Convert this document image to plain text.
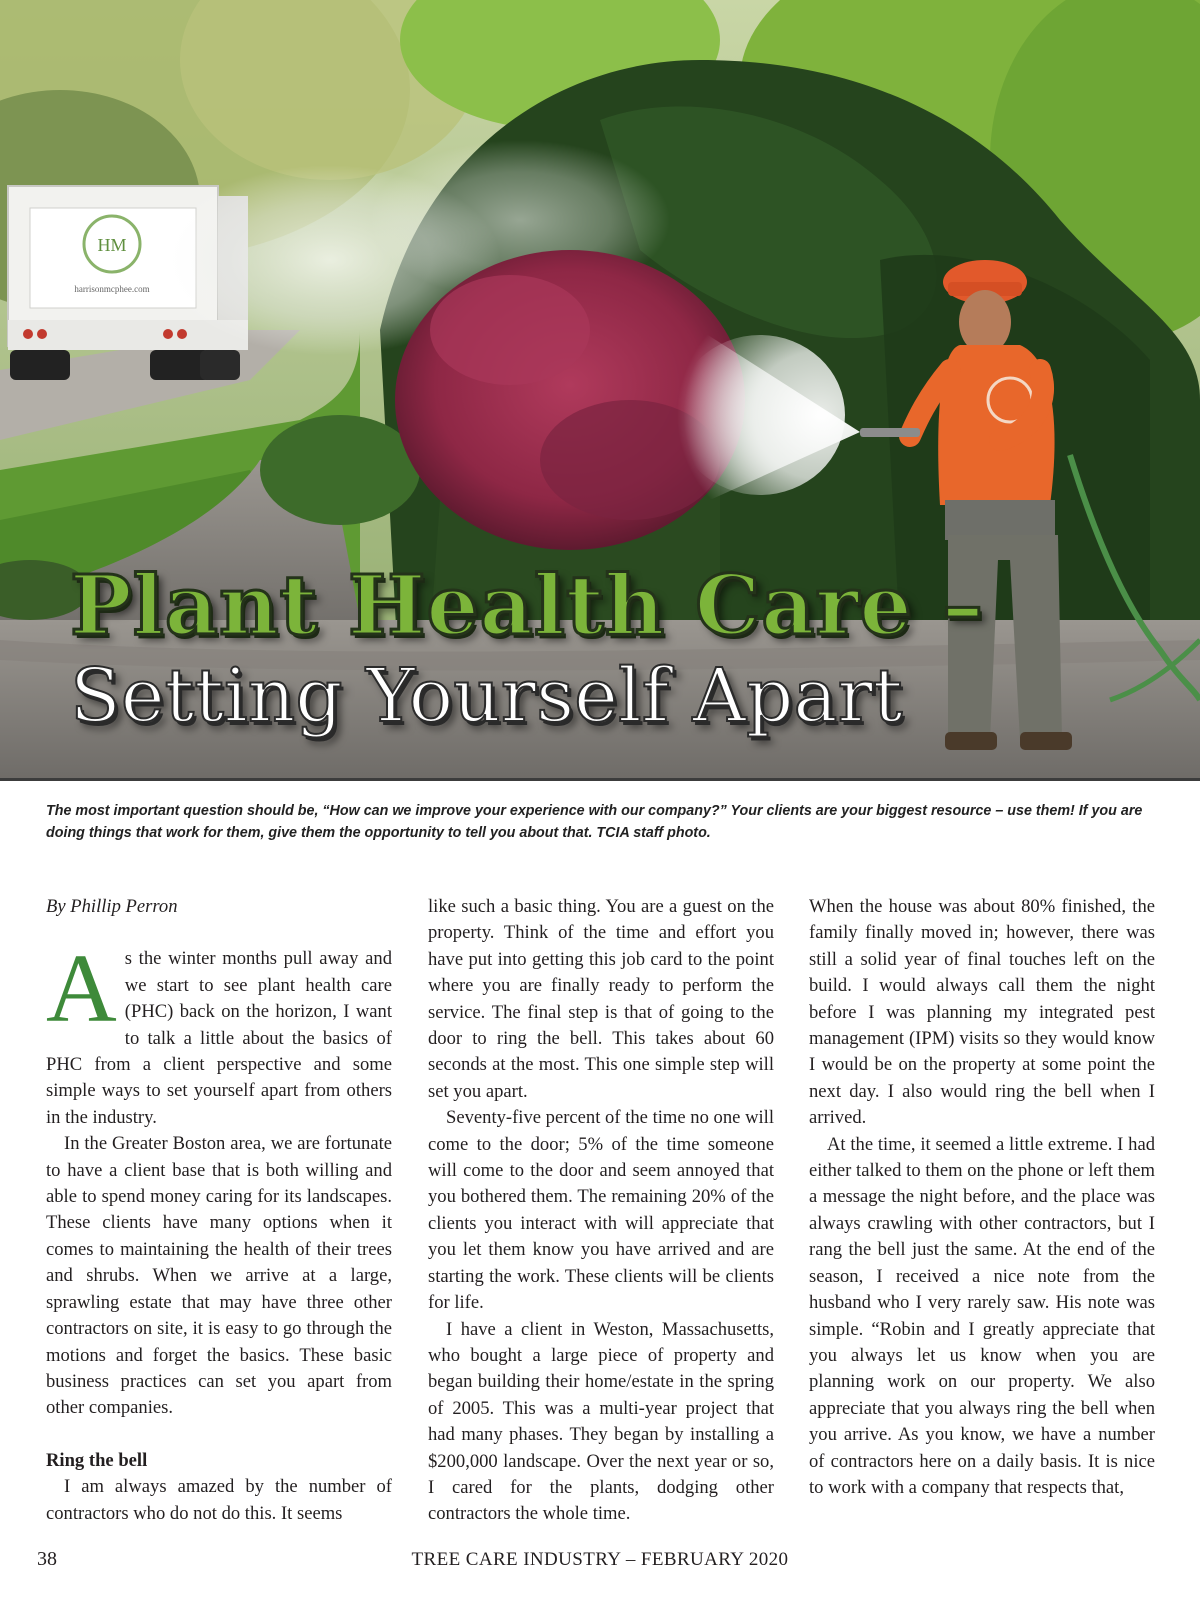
HM
harrisonmcphee.com
Plant Health Care –
Setting Yourself Apart
The most important question should be, “How can we improve your experience with our company?” Your clients are your biggest resource – use them! If you are doing things that work for them, give them the opportunity to tell you about that. TCIA staff photo.

By Phillip Perron

As the winter months pull away and we start to see plant health care (PHC) back on the horizon, I want to talk a little about the basics of PHC from a client perspective and some simple ways to set yourself apart from others in the industry.

In the Greater Boston area, we are fortunate to have a client base that is both willing and able to spend money caring for its landscapes. These clients have many options when it comes to maintaining the health of their trees and shrubs. When we arrive at a large, sprawling estate that may have three other contractors on site, it is easy to go through the motions and forget the basics. These basic business practices can set you apart from other companies.

Ring the bell

I am always amazed by the number of contractors who do not do this. It seems

like such a basic thing. You are a guest on the property. Think of the time and effort you have put into getting this job card to the point where you are finally ready to perform the service. The final step is that of going to the door to ring the bell. This takes about 60 seconds at the most. This one simple step will set you apart.

Seventy-five percent of the time no one will come to the door; 5% of the time someone will come to the door and seem annoyed that you bothered them. The remaining 20% of the clients you interact with will appreciate that you let them know you have arrived and are starting the work. These clients will be clients for life.

I have a client in Weston, Massachusetts, who bought a large piece of property and began building their home/estate in the spring of 2005. This was a multi-year project that had many phases. They began by installing a $200,000 landscape. Over the next year or so, I cared for the plants, dodging other contractors the whole time.

When the house was about 80% finished, the family finally moved in; however, there was still a solid year of final touches left on the build. I would always call them the night before I was planning my integrated pest management (IPM) visits so they would know I would be on the property at some point the next day. I also would ring the bell when I arrived.

At the time, it seemed a little extreme. I had either talked to them on the phone or left them a message the night before, and the place was always crawling with other contractors, but I rang the bell just the same. At the end of the season, I received a nice note from the husband who I very rarely saw. His note was simple. “Robin and I greatly appreciate that you always let us know when you are planning work on our property. We also appreciate that you always ring the bell when you arrive. As you know, we have a number of contractors here on a daily basis. It is nice to work with a company that respects that,

38	TREE CARE INDUSTRY – FEBRUARY 2020
